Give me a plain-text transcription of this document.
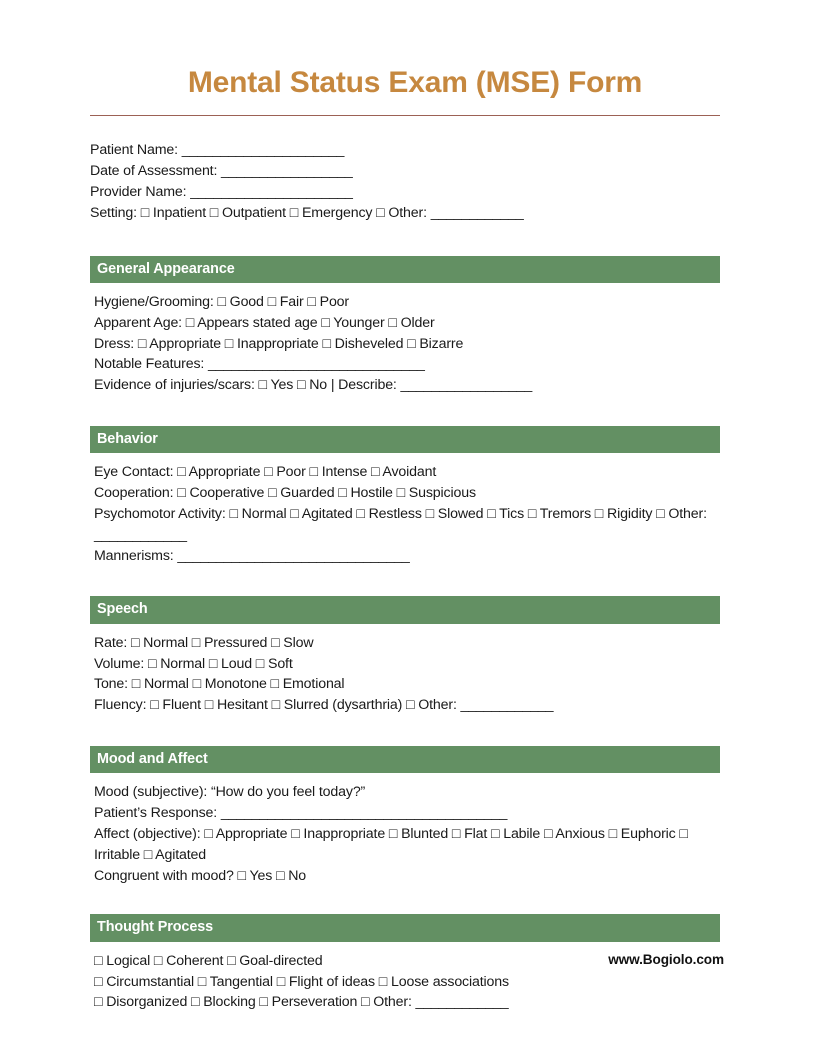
Mental Status Exam (MSE) Form
Patient Name: _____________________
Date of Assessment: _________________
Provider Name: _____________________
Setting: □ Inpatient □ Outpatient □ Emergency □ Other: ____________
General Appearance
Hygiene/Grooming: □ Good □ Fair □ Poor
Apparent Age: □ Appears stated age □ Younger □ Older
Dress: □ Appropriate □ Inappropriate □ Disheveled □ Bizarre
Notable Features: ____________________________
Evidence of injuries/scars: □ Yes □ No | Describe: _________________
Behavior
Eye Contact: □ Appropriate □ Poor □ Intense □ Avoidant
Cooperation: □ Cooperative □ Guarded □ Hostile □ Suspicious
Psychomotor Activity: □ Normal □ Agitated □ Restless □ Slowed □ Tics □ Tremors □ Rigidity □ Other: ____________
Mannerisms: ______________________________
Speech
Rate: □ Normal □ Pressured □ Slow
Volume: □ Normal □ Loud □ Soft
Tone: □ Normal □ Monotone □ Emotional
Fluency: □ Fluent □ Hesitant □ Slurred (dysarthria) □ Other: ____________
Mood and Affect
Mood (subjective): “How do you feel today?”
Patient’s Response: _____________________________________
Affect (objective): □ Appropriate □ Inappropriate □ Blunted □ Flat □ Labile □ Anxious □ Euphoric □ Irritable □ Agitated
Congruent with mood? □ Yes □ No
Thought Process
□ Logical □ Coherent □ Goal-directed
□ Circumstantial □ Tangential □ Flight of ideas □ Loose associations
□ Disorganized □ Blocking □ Perseveration □ Other: ____________
www.Bogiolo.com
